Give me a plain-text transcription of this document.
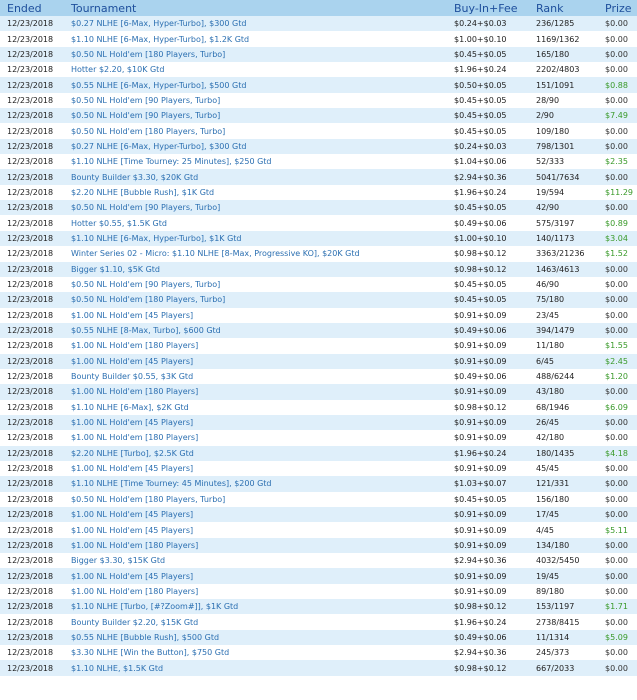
Ended	Tournament	Buy-In+Fee	Rank	Prize
12/23/2018	$0.27 NLHE [6-Max, Hyper-Turbo], $300 Gtd	$0.24+$0.03	236/1285	$0.00
12/23/2018	$1.10 NLHE [6-Max, Hyper-Turbo], $1.2K Gtd	$1.00+$0.10	1169/1362	$0.00
12/23/2018	$0.50 NL Hold'em [180 Players, Turbo]	$0.45+$0.05	165/180	$0.00
12/23/2018	Hotter $2.20, $10K Gtd	$1.96+$0.24	2202/4803	$0.00
12/23/2018	$0.55 NLHE [6-Max, Hyper-Turbo], $500 Gtd	$0.50+$0.05	151/1091	$0.88
12/23/2018	$0.50 NL Hold'em [90 Players, Turbo]	$0.45+$0.05	28/90	$0.00
12/23/2018	$0.50 NL Hold'em [90 Players, Turbo]	$0.45+$0.05	2/90	$7.49
12/23/2018	$0.50 NL Hold'em [180 Players, Turbo]	$0.45+$0.05	109/180	$0.00
12/23/2018	$0.27 NLHE [6-Max, Hyper-Turbo], $300 Gtd	$0.24+$0.03	798/1301	$0.00
12/23/2018	$1.10 NLHE [Time Tourney: 25 Minutes], $250 Gtd	$1.04+$0.06	52/333	$2.35
12/23/2018	Bounty Builder $3.30, $20K Gtd	$2.94+$0.36	5041/7634	$0.00
12/23/2018	$2.20 NLHE [Bubble Rush], $1K Gtd	$1.96+$0.24	19/594	$11.29
12/23/2018	$0.50 NL Hold'em [90 Players, Turbo]	$0.45+$0.05	42/90	$0.00
12/23/2018	Hotter $0.55, $1.5K Gtd	$0.49+$0.06	575/3197	$0.89
12/23/2018	$1.10 NLHE [6-Max, Hyper-Turbo], $1K Gtd	$1.00+$0.10	140/1173	$3.04
12/23/2018	Winter Series 02 - Micro: $1.10 NLHE [8-Max, Progressive KO], $20K Gtd	$0.98+$0.12	3363/21236	$1.52
12/23/2018	Bigger $1.10, $5K Gtd	$0.98+$0.12	1463/4613	$0.00
12/23/2018	$0.50 NL Hold'em [90 Players, Turbo]	$0.45+$0.05	46/90	$0.00
12/23/2018	$0.50 NL Hold'em [180 Players, Turbo]	$0.45+$0.05	75/180	$0.00
12/23/2018	$1.00 NL Hold'em [45 Players]	$0.91+$0.09	23/45	$0.00
12/23/2018	$0.55 NLHE [8-Max, Turbo], $600 Gtd	$0.49+$0.06	394/1479	$0.00
12/23/2018	$1.00 NL Hold'em [180 Players]	$0.91+$0.09	11/180	$1.55
12/23/2018	$1.00 NL Hold'em [45 Players]	$0.91+$0.09	6/45	$2.45
12/23/2018	Bounty Builder $0.55, $3K Gtd	$0.49+$0.06	488/6244	$1.20
12/23/2018	$1.00 NL Hold'em [180 Players]	$0.91+$0.09	43/180	$0.00
12/23/2018	$1.10 NLHE [6-Max], $2K Gtd	$0.98+$0.12	68/1946	$6.09
12/23/2018	$1.00 NL Hold'em [45 Players]	$0.91+$0.09	26/45	$0.00
12/23/2018	$1.00 NL Hold'em [180 Players]	$0.91+$0.09	42/180	$0.00
12/23/2018	$2.20 NLHE [Turbo], $2.5K Gtd	$1.96+$0.24	180/1435	$4.18
12/23/2018	$1.00 NL Hold'em [45 Players]	$0.91+$0.09	45/45	$0.00
12/23/2018	$1.10 NLHE [Time Tourney: 45 Minutes], $200 Gtd	$1.03+$0.07	121/331	$0.00
12/23/2018	$0.50 NL Hold'em [180 Players, Turbo]	$0.45+$0.05	156/180	$0.00
12/23/2018	$1.00 NL Hold'em [45 Players]	$0.91+$0.09	17/45	$0.00
12/23/2018	$1.00 NL Hold'em [45 Players]	$0.91+$0.09	4/45	$5.11
12/23/2018	$1.00 NL Hold'em [180 Players]	$0.91+$0.09	134/180	$0.00
12/23/2018	Bigger $3.30, $15K Gtd	$2.94+$0.36	4032/5450	$0.00
12/23/2018	$1.00 NL Hold'em [45 Players]	$0.91+$0.09	19/45	$0.00
12/23/2018	$1.00 NL Hold'em [180 Players]	$0.91+$0.09	89/180	$0.00
12/23/2018	$1.10 NLHE [Turbo, [#?Zoom#]], $1K Gtd	$0.98+$0.12	153/1197	$1.71
12/23/2018	Bounty Builder $2.20, $15K Gtd	$1.96+$0.24	2738/8415	$0.00
12/23/2018	$0.55 NLHE [Bubble Rush], $500 Gtd	$0.49+$0.06	11/1314	$5.09
12/23/2018	$3.30 NLHE [Win the Button], $750 Gtd	$2.94+$0.36	245/373	$0.00
12/23/2018	$1.10 NLHE, $1.5K Gtd	$0.98+$0.12	667/2033	$0.00
